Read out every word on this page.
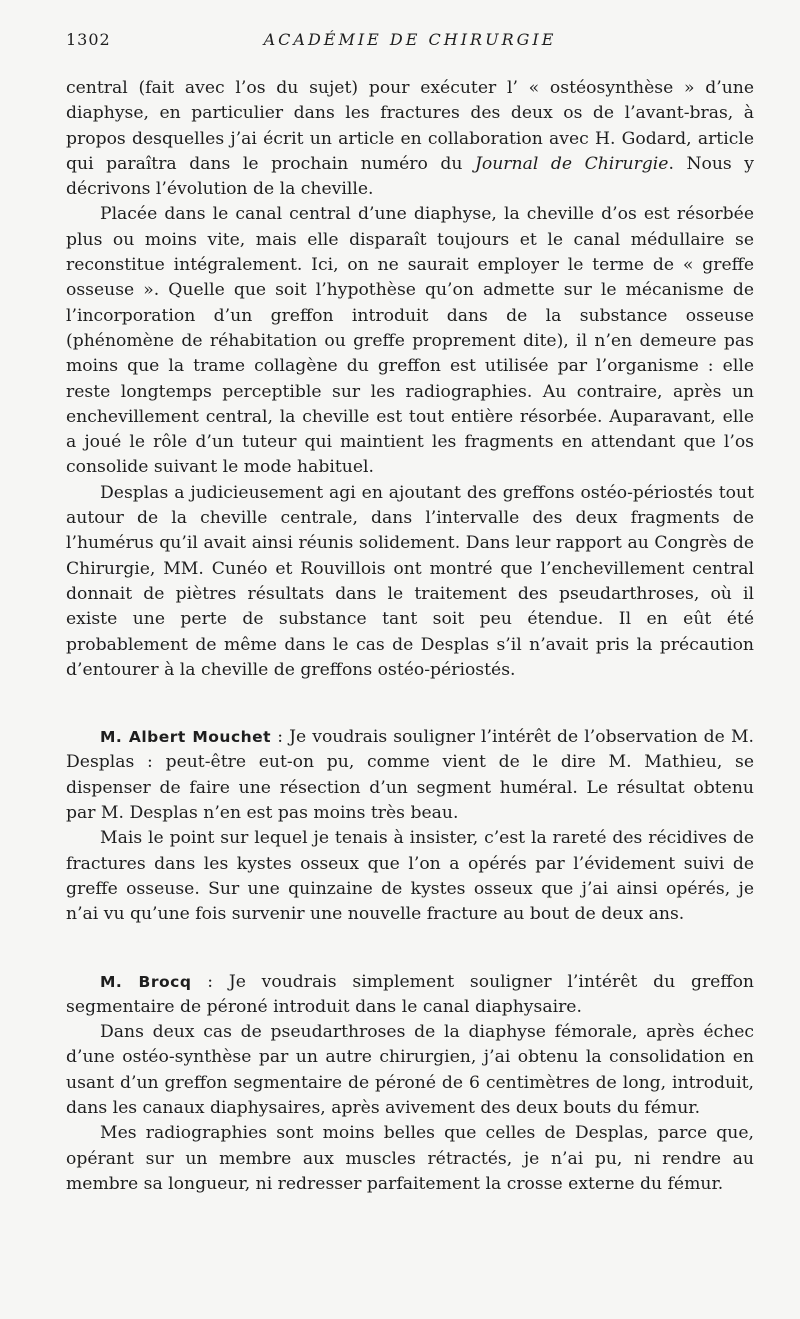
1302	ACADÉMIE DE CHIRURGIE

central (fait avec l’os du sujet) pour exécuter l’ « ostéosynthèse » d’une diaphyse, en particulier dans les fractures des deux os de l’avant-bras, à propos desquelles j’ai écrit un article en collaboration avec H. Godard, article qui paraîtra dans le prochain numéro du Journal de Chirurgie. Nous y décrivons l’évolution de la cheville.

Placée dans le canal central d’une diaphyse, la cheville d’os est résorbée plus ou moins vite, mais elle disparaît toujours et le canal médullaire se reconstitue intégralement. Ici, on ne saurait employer le terme de « greffe osseuse ». Quelle que soit l’hypothèse qu’on admette sur le mécanisme de l’incorporation d’un greffon introduit dans de la substance osseuse (phénomène de réhabitation ou greffe proprement dite), il n’en demeure pas moins que la trame collagène du greffon est utilisée par l’organisme : elle reste longtemps perceptible sur les radiographies. Au contraire, après un enchevillement central, la cheville est tout entière résorbée. Auparavant, elle a joué le rôle d’un tuteur qui maintient les fragments en attendant que l’os consolide suivant le mode habituel.

Desplas a judicieusement agi en ajoutant des greffons ostéo-périostés tout autour de la cheville centrale, dans l’intervalle des deux fragments de l’humérus qu’il avait ainsi réunis solidement. Dans leur rapport au Congrès de Chirurgie, MM. Cunéo et Rouvillois ont montré que l’enchevillement central donnait de piètres résultats dans le traitement des pseudarthroses, où il existe une perte de substance tant soit peu étendue. Il en eût été probablement de même dans le cas de Desplas s’il n’avait pris la précaution d’entourer à la cheville de greffons ostéo-périostés.

M. Albert Mouchet : Je voudrais souligner l’intérêt de l’observation de M. Desplas : peut-être eut-on pu, comme vient de le dire M. Mathieu, se dispenser de faire une résection d’un segment huméral. Le résultat obtenu par M. Desplas n’en est pas moins très beau.

Mais le point sur lequel je tenais à insister, c’est la rareté des récidives de fractures dans les kystes osseux que l’on a opérés par l’évidement suivi de greffe osseuse. Sur une quinzaine de kystes osseux que j’ai ainsi opérés, je n’ai vu qu’une fois survenir une nouvelle fracture au bout de deux ans.

M. Brocq : Je voudrais simplement souligner l’intérêt du greffon segmentaire de péroné introduit dans le canal diaphysaire.

Dans deux cas de pseudarthroses de la diaphyse fémorale, après échec d’une ostéo-synthèse par un autre chirurgien, j’ai obtenu la consolidation en usant d’un greffon segmentaire de péroné de 6 centimètres de long, introduit, dans les canaux diaphysaires, après avivement des deux bouts du fémur.

Mes radiographies sont moins belles que celles de Desplas, parce que, opérant sur un membre aux muscles rétractés, je n’ai pu, ni rendre au membre sa longueur, ni redresser parfaitement la crosse externe du fémur.
